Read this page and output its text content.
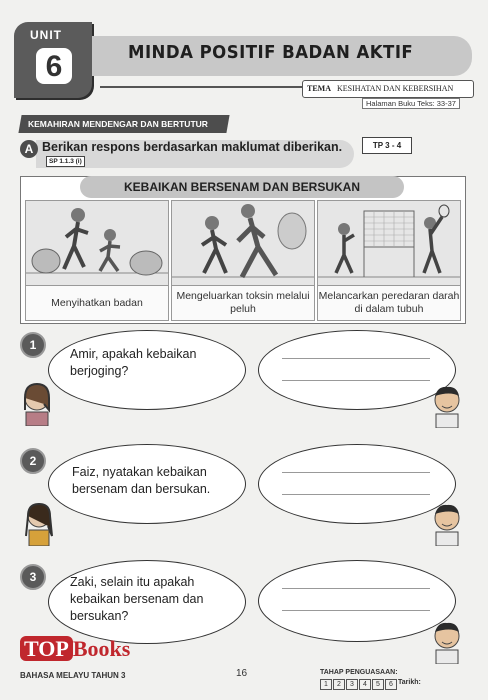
UNIT
6	MINDA POSITIF BADAN AKTIF
TEMA KESIHATAN DAN KEBERSIHAN
Halaman Buku Teks: 33-37
KEMAHIRAN MENDENGAR DAN BERTUTUR
A Berikan respons berdasarkan maklumat diberikan.SP 1.1.3 (i)
TP 3 - 4
KEBAIKAN BERSENAM DAN BERSUKAN
Menyihatkan badan
Mengeluarkan toksin melalui peluh
Melancarkan peredaran darah di dalam tubuh
1
Amir, apakah kebaikan berjoging?
2
Faiz, nyatakan kebaikan bersenam dan bersukan.
3	Zaki, selain itu apakah kebaikan bersenam dan bersukan?
TOP Books
BAHASA MELAYU TAHUN 3	16	TAHAP PENGUASAAN:
1	2	3	4	5	6 Tarikh:
